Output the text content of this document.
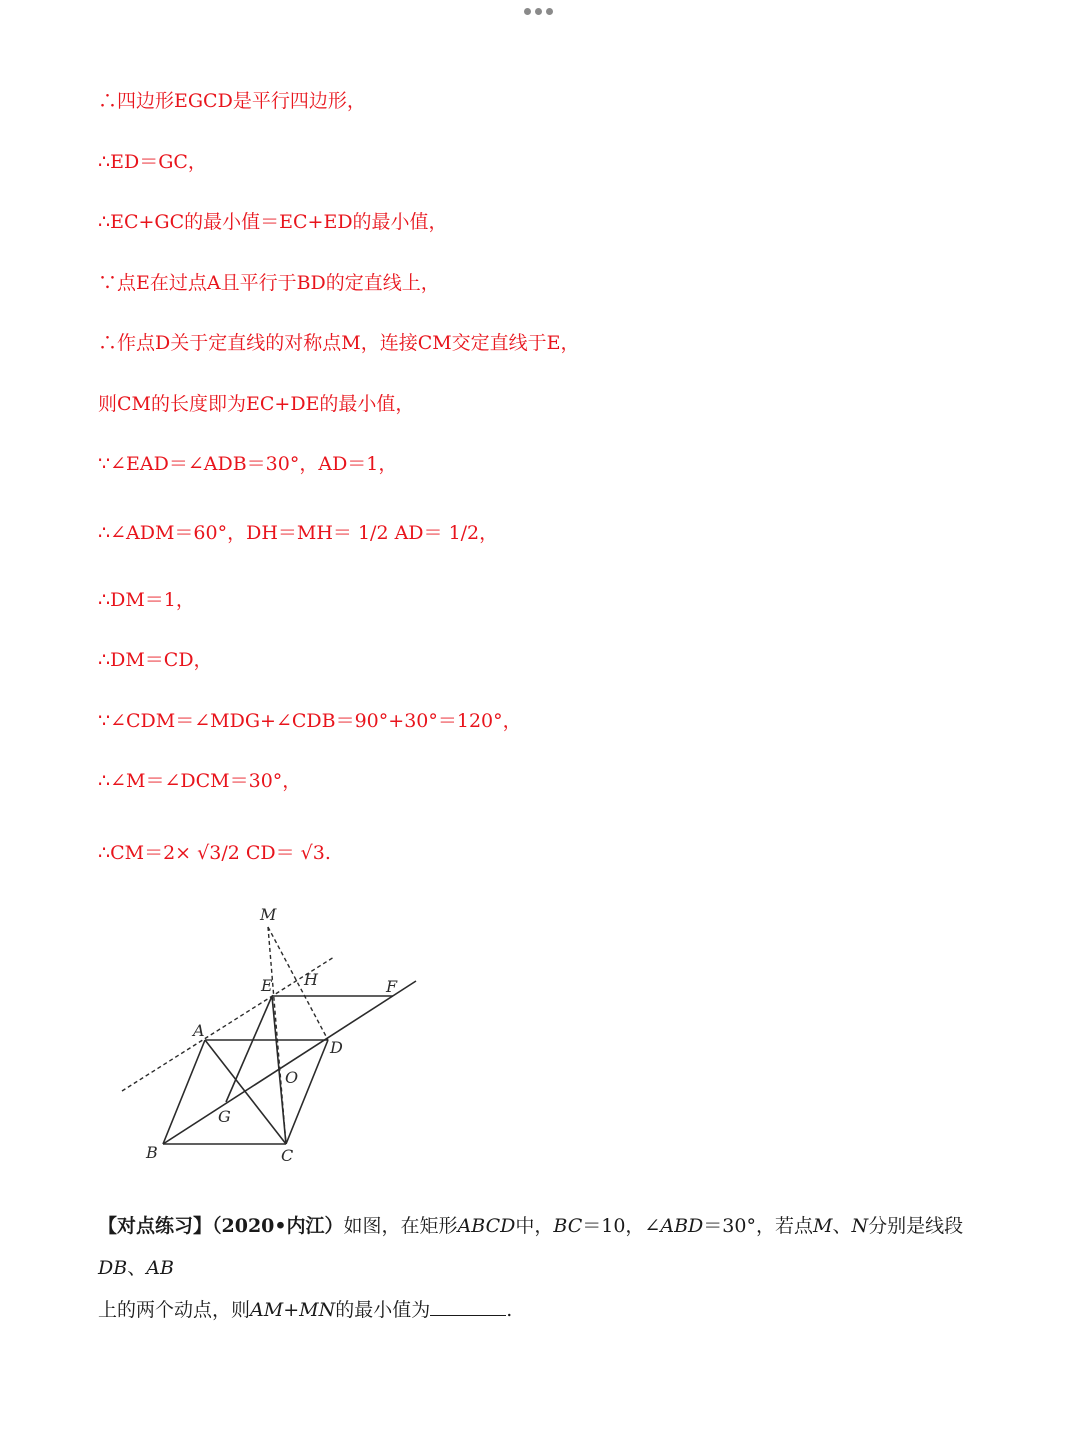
∴四边形EGCD是平行四边形，
∴ED＝GC，
∴EC+GC的最小值＝EC+ED的最小值，
∵点E在过点A且平行于BD的定直线上，
∴作点D关于定直线的对称点M，连接CM交定直线于E，
则CM的长度即为EC+DE的最小值，
∵∠EAD＝∠ADB＝30°，AD＝1，
∴∠ADM＝60°，DH＝MH＝ 1/2 AD＝ 1/2，
∴DM＝1，
∴DM＝CD，
∵∠CDM＝∠MDG+∠CDB＝90°+30°＝120°，
∴∠M＝∠DCM＝30°，
∴CM＝2× √3/2 CD＝ √3.
M
E H	F
A
D
O
G
B	C
【对点练习】（2020•内江）如图，在矩形ABCD中，BC＝10，∠ABD＝30°，若点M、N分别是线段DB、AB
上的两个动点，则AM+MN的最小值为	.
